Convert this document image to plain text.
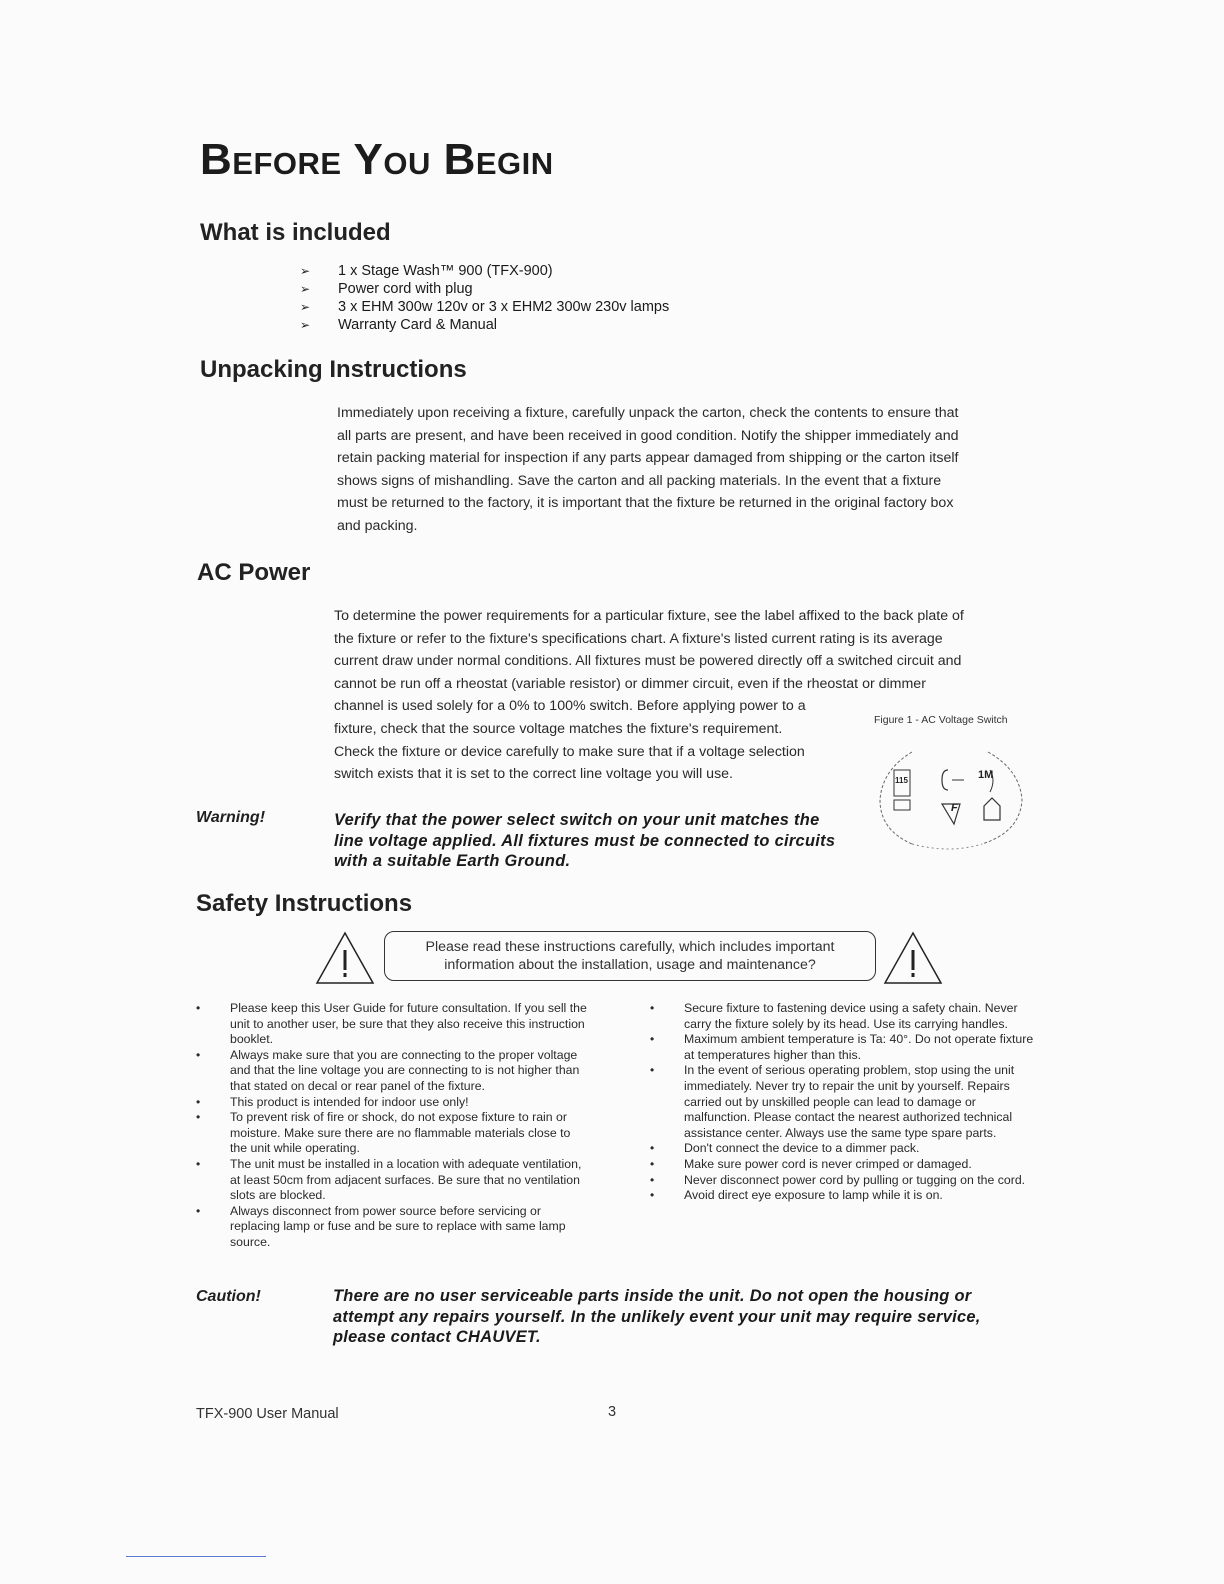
Before You Begin
What is included
➢	1 x Stage Wash™ 900 (TFX-900)
➢	Power cord with plug
➢	3 x EHM 300w 120v or 3 x EHM2 300w 230v lamps
➢	Warranty Card & Manual
Unpacking Instructions
Immediately upon receiving a fixture, carefully unpack the carton, check the contents to ensure that
all parts are present, and have been received in good condition. Notify the shipper immediately and
retain packing material for inspection if any parts appear damaged from shipping or the carton itself
shows signs of mishandling. Save the carton and all packing materials. In the event that a fixture
must be returned to the factory, it is important that the fixture be returned in the original factory box
and packing.
AC Power
To determine the power requirements for a particular fixture, see the label affixed to the back plate of
the fixture or refer to the fixture's specifications chart. A fixture's listed current rating is its average
current draw under normal conditions. All fixtures must be powered directly off a switched circuit and
cannot be run off a rheostat (variable resistor) or dimmer circuit, even if the rheostat or dimmer
channel is used solely for a 0% to 100% switch. Before applying power to a
fixture, check that the source voltage matches the fixture's requirement.
Check the fixture or device carefully to make sure that if a voltage selection
switch exists that it is set to the correct line voltage you will use.
Figure 1 - AC Voltage Switch
115	1M
F
Warning!	Verify that the power select switch on your unit matches the
line voltage applied. All fixtures must be connected to circuits
with a suitable Earth Ground.
Safety Instructions
Please read these instructions carefully, which includes important
information about the installation, usage and maintenance?
• Please keep this User Guide for future consultation. If you sell the unit to another user, be sure that they also receive this instruction booklet.
• Always make sure that you are connecting to the proper voltage and that the line voltage you are connecting to is not higher than that stated on decal or rear panel of the fixture.
• This product is intended for indoor use only!
• To prevent risk of fire or shock, do not expose fixture to rain or moisture. Make sure there are no flammable materials close to the unit while operating.
• The unit must be installed in a location with adequate ventilation, at least 50cm from adjacent surfaces. Be sure that no ventilation slots are blocked.
• Always disconnect from power source before servicing or replacing lamp or fuse and be sure to replace with same lamp source.
• Secure fixture to fastening device using a safety chain. Never carry the fixture solely by its head. Use its carrying handles.
• Maximum ambient temperature is Ta: 40°. Do not operate fixture at temperatures higher than this.
• In the event of serious operating problem, stop using the unit immediately. Never try to repair the unit by yourself. Repairs carried out by unskilled people can lead to damage or malfunction. Please contact the nearest authorized technical assistance center. Always use the same type spare parts.
• Don't connect the device to a dimmer pack.
• Make sure power cord is never crimped or damaged.
• Never disconnect power cord by pulling or tugging on the cord.
• Avoid direct eye exposure to lamp while it is on.
Caution!	There are no user serviceable parts inside the unit. Do not open the housing or
attempt any repairs yourself. In the unlikely event your unit may require service,
please contact CHAUVET.
TFX-900 User Manual	3
